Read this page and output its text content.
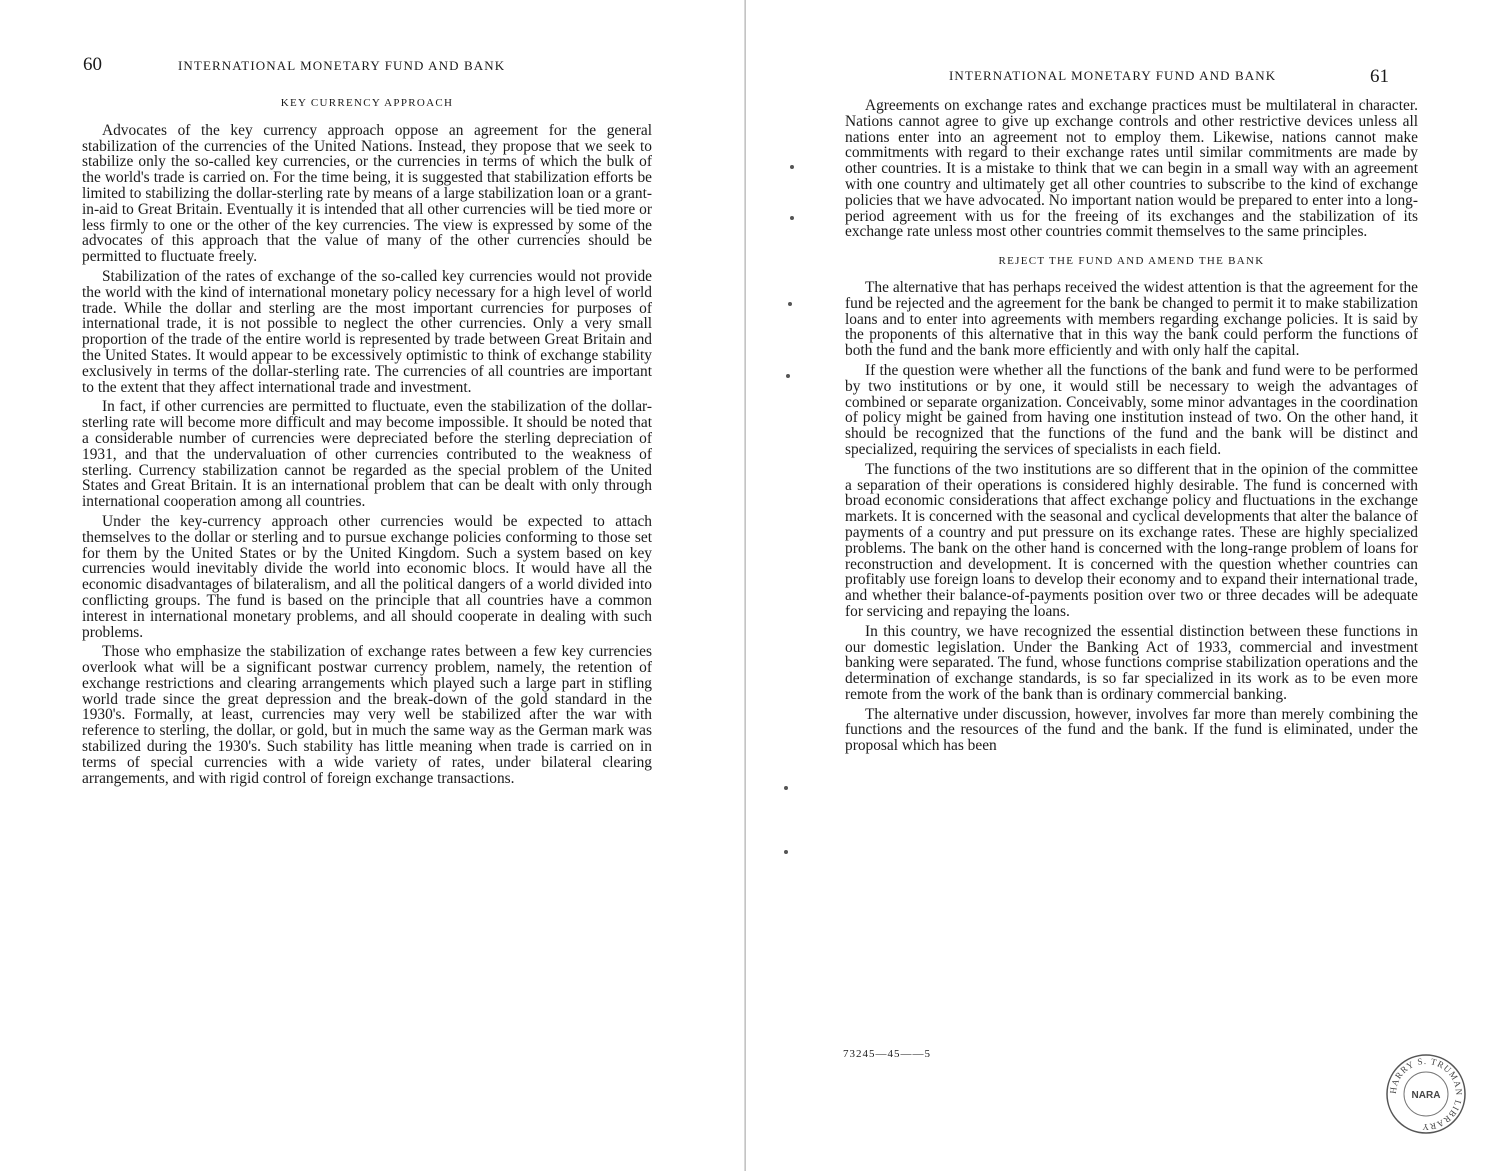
60	INTERNATIONAL MONETARY FUND AND BANK
KEY CURRENCY APPROACH

Advocates of the key currency approach oppose an agreement for the general stabilization of the currencies of the United Nations. Instead, they propose that we seek to stabilize only the so-called key currencies, or the currencies in terms of which the bulk of the world's trade is carried on. For the time being, it is suggested that stabilization efforts be limited to stabilizing the dollar-sterling rate by means of a large stabilization loan or a grant-in-aid to Great Britain. Eventually it is intended that all other currencies will be tied more or less firmly to one or the other of the key currencies. The view is expressed by some of the advocates of this approach that the value of many of the other currencies should be permitted to fluctuate freely.

Stabilization of the rates of exchange of the so-called key currencies would not provide the world with the kind of international monetary policy necessary for a high level of world trade. While the dollar and sterling are the most important currencies for purposes of international trade, it is not possible to neglect the other currencies. Only a very small proportion of the trade of the entire world is represented by trade between Great Britain and the United States. It would appear to be excessively optimistic to think of exchange stability exclusively in terms of the dollar-sterling rate. The currencies of all countries are important to the extent that they affect international trade and investment.

In fact, if other currencies are permitted to fluctuate, even the stabilization of the dollar-sterling rate will become more difficult and may become impossible. It should be noted that a considerable number of currencies were depreciated before the sterling depreciation of 1931, and that the undervaluation of other currencies contributed to the weakness of sterling. Currency stabilization cannot be regarded as the special problem of the United States and Great Britain. It is an international problem that can be dealt with only through international cooperation among all countries.

Under the key-currency approach other currencies would be expected to attach themselves to the dollar or sterling and to pursue exchange policies conforming to those set for them by the United States or by the United Kingdom. Such a system based on key currencies would inevitably divide the world into economic blocs. It would have all the economic disadvantages of bilateralism, and all the political dangers of a world divided into conflicting groups. The fund is based on the principle that all countries have a common interest in international monetary problems, and all should cooperate in dealing with such problems.

Those who emphasize the stabilization of exchange rates between a few key currencies overlook what will be a significant postwar currency problem, namely, the retention of exchange restrictions and clearing arrangements which played such a large part in stifling world trade since the great depression and the break-down of the gold standard in the 1930's. Formally, at least, currencies may very well be stabilized after the war with reference to sterling, the dollar, or gold, but in much the same way as the German mark was stabilized during the 1930's. Such stability has little meaning when trade is carried on in terms of special currencies with a wide variety of rates, under bilateral clearing arrangements, and with rigid control of foreign exchange transactions.

INTERNATIONAL MONETARY FUND AND BANK	61

Agreements on exchange rates and exchange practices must be multilateral in character. Nations cannot agree to give up exchange controls and other restrictive devices unless all nations enter into an agreement not to employ them. Likewise, nations cannot make commitments with regard to their exchange rates until similar commitments are made by other countries. It is a mistake to think that we can begin in a small way with an agreement with one country and ultimately get all other countries to subscribe to the kind of exchange policies that we have advocated. No important nation would be prepared to enter into a long-period agreement with us for the freeing of its exchanges and the stabilization of its exchange rate unless most other countries commit themselves to the same principles.

REJECT THE FUND AND AMEND THE BANK

The alternative that has perhaps received the widest attention is that the agreement for the fund be rejected and the agreement for the bank be changed to permit it to make stabilization loans and to enter into agreements with members regarding exchange policies. It is said by the proponents of this alternative that in this way the bank could perform the functions of both the fund and the bank more efficiently and with only half the capital.

If the question were whether all the functions of the bank and fund were to be performed by two institutions or by one, it would still be necessary to weigh the advantages of combined or separate organization. Conceivably, some minor advantages in the coordination of policy might be gained from having one institution instead of two. On the other hand, it should be recognized that the functions of the fund and the bank will be distinct and specialized, requiring the services of specialists in each field.

The functions of the two institutions are so different that in the opinion of the committee a separation of their operations is considered highly desirable. The fund is concerned with broad economic considerations that affect exchange policy and fluctuations in the exchange markets. It is concerned with the seasonal and cyclical developments that alter the balance of payments of a country and put pressure on its exchange rates. These are highly specialized problems. The bank on the other hand is concerned with the long-range problem of loans for reconstruction and development. It is concerned with the question whether countries can profitably use foreign loans to develop their economy and to expand their international trade, and whether their balance-of-payments position over two or three decades will be adequate for servicing and repaying the loans.

In this country, we have recognized the essential distinction between these functions in our domestic legislation. Under the Banking Act of 1933, commercial and investment banking were separated. The fund, whose functions comprise stabilization operations and the determination of exchange standards, is so far specialized in its work as to be even more remote from the work of the bank than is ordinary commercial banking.

The alternative under discussion, however, involves far more than merely combining the functions and the resources of the fund and the bank. If the fund is eliminated, under the proposal which has been

73245—45——5
HARRY S. TRUMAN LIBRARY
NARA
